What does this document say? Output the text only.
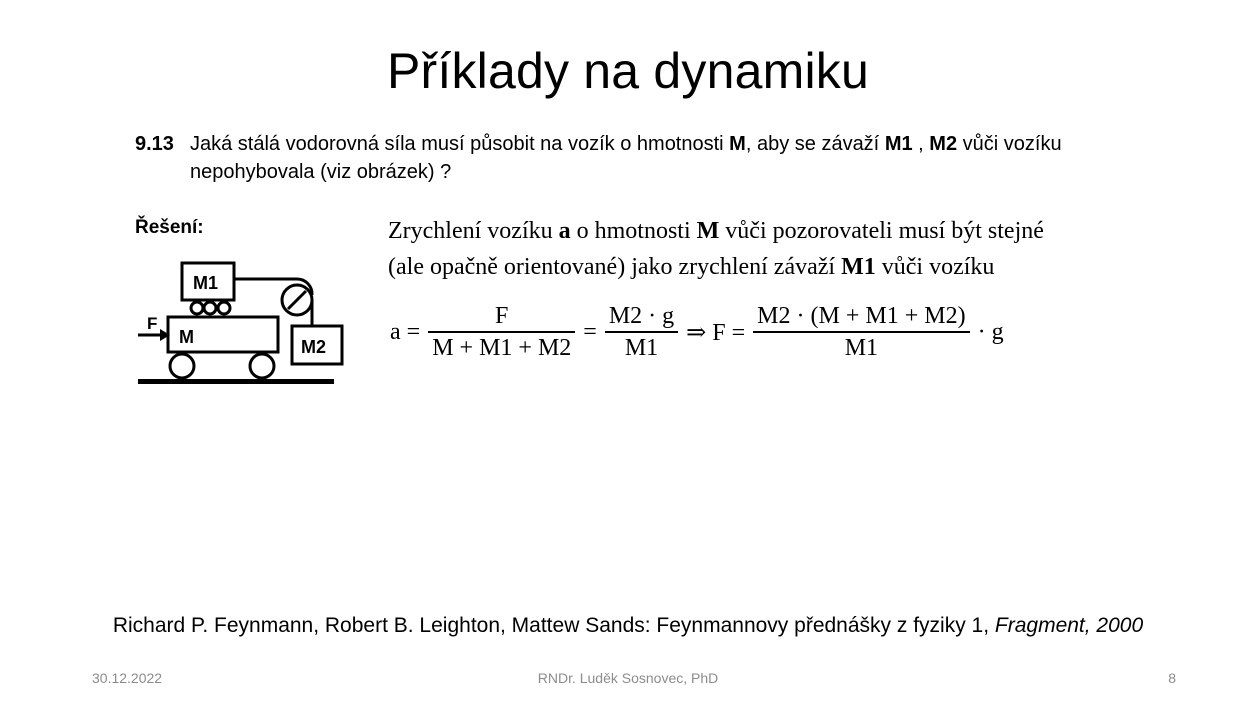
Příklady na dynamiku
9.13 Jaká stálá vodorovná síla musí působit na vozík o hmotnosti M, aby se závaží M1 , M2 vůči vozíku
nepohybovala (viz obrázek) ?
Řešení:
M1
M	M2
F
Zrychlení vozíku a o hmotnosti M vůči pozorovateli musí být stejné
(ale opačně orientované) jako zrychlení závaží M1 vůči vozíku
$a = \frac{F}{M + M1 + M2} = \frac{M2 \cdot g}{M1}$ ⇒ $F = \frac{M2 \cdot (M + M1 + M2)}{M1} \cdot g$
Richard P. Feynmann, Robert B. Leighton, Mattew Sands: Feynmannovy přednášky z fyziky 1, Fragment, 2000
30.12.2022	RNDr. Luděk Sosnovec, PhD	8
